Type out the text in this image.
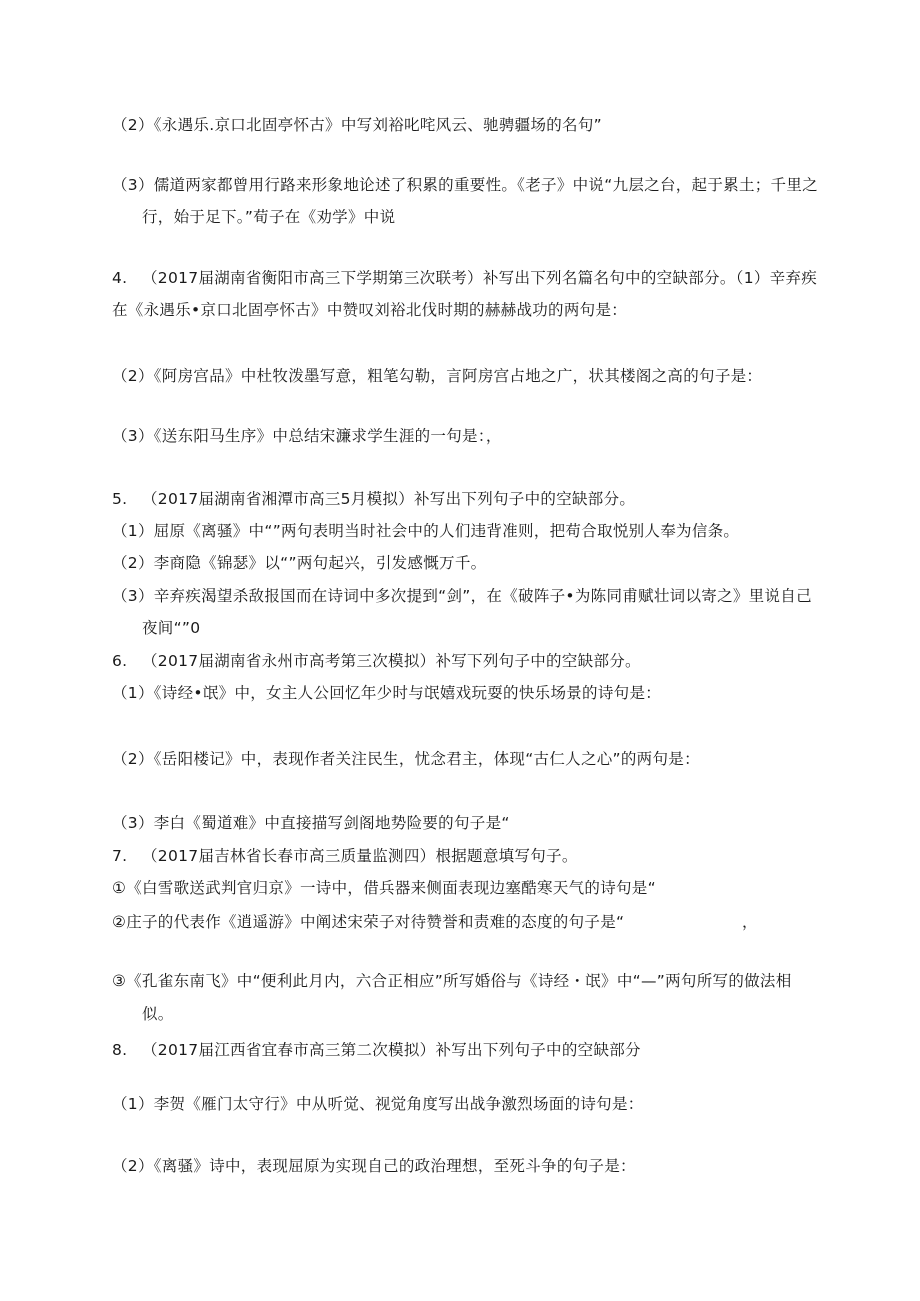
（2）《永遇乐.京口北固亭怀古》中写刘裕叱咤风云、驰骋疆场的名句”
（3）儒道两家都曾用行路来形象地论述了积累的重要性。《老子》中说“九层之台，起于累土；千里之
行，始于足下。”荀子在《劝学》中说
4. （2017届湖南省衡阳市高三下学期第三次联考）补写出下列名篇名句中的空缺部分。（1）辛弃疾
在《永遇乐•京口北固亭怀古》中赞叹刘裕北伐时期的赫赫战功的两句是：
（2）《阿房宫品》中杜牧泼墨写意，粗笔勾勒，言阿房宫占地之广，状其楼阁之高的句子是：
（3）《送东阳马生序》中总结宋濂求学生涯的一句是：，
5. （2017届湖南省湘潭市高三5月模拟）补写出下列句子中的空缺部分。
（1）屈原《离骚》中“”两句表明当时社会中的人们违背准则，把苟合取悦别人奉为信条。
（2）李商隐《锦瑟》以“”两句起兴，引发感慨万千。
（3）辛弃疾渴望杀敌报国而在诗词中多次提到“剑”，在《破阵子•为陈同甫赋壮词以寄之》里说自己
夜间“”0
6. （2017届湖南省永州市高考第三次模拟）补写下列句子中的空缺部分。
（1）《诗经•氓》中，女主人公回忆年少时与氓嬉戏玩耍的快乐场景的诗句是：
（2）《岳阳楼记》中，表现作者关注民生，忧念君主，体现“古仁人之心”的两句是：
（3）李白《蜀道难》中直接描写剑阁地势险要的句子是“
7. （2017届吉林省长春市高三质量监测四）根据题意填写句子。
①《白雪歌送武判官归京》一诗中，借兵器来侧面表现边塞酷寒天气的诗句是“
②庄子的代表作《逍遥游》中阐述宋荣子对待赞誉和责难的态度的句子是“	，
③《孔雀东南飞》中“便利此月内，六合正相应”所写婚俗与《诗经・氓》中“—”两句所写的做法相
似。
8. （2017届江西省宜春市高三第二次模拟）补写出下列句子中的空缺部分
（1）李贺《雁门太守行》中从听觉、视觉角度写出战争激烈场面的诗句是：
（2）《离骚》诗中，表现屈原为实现自己的政治理想，至死斗争的句子是：
